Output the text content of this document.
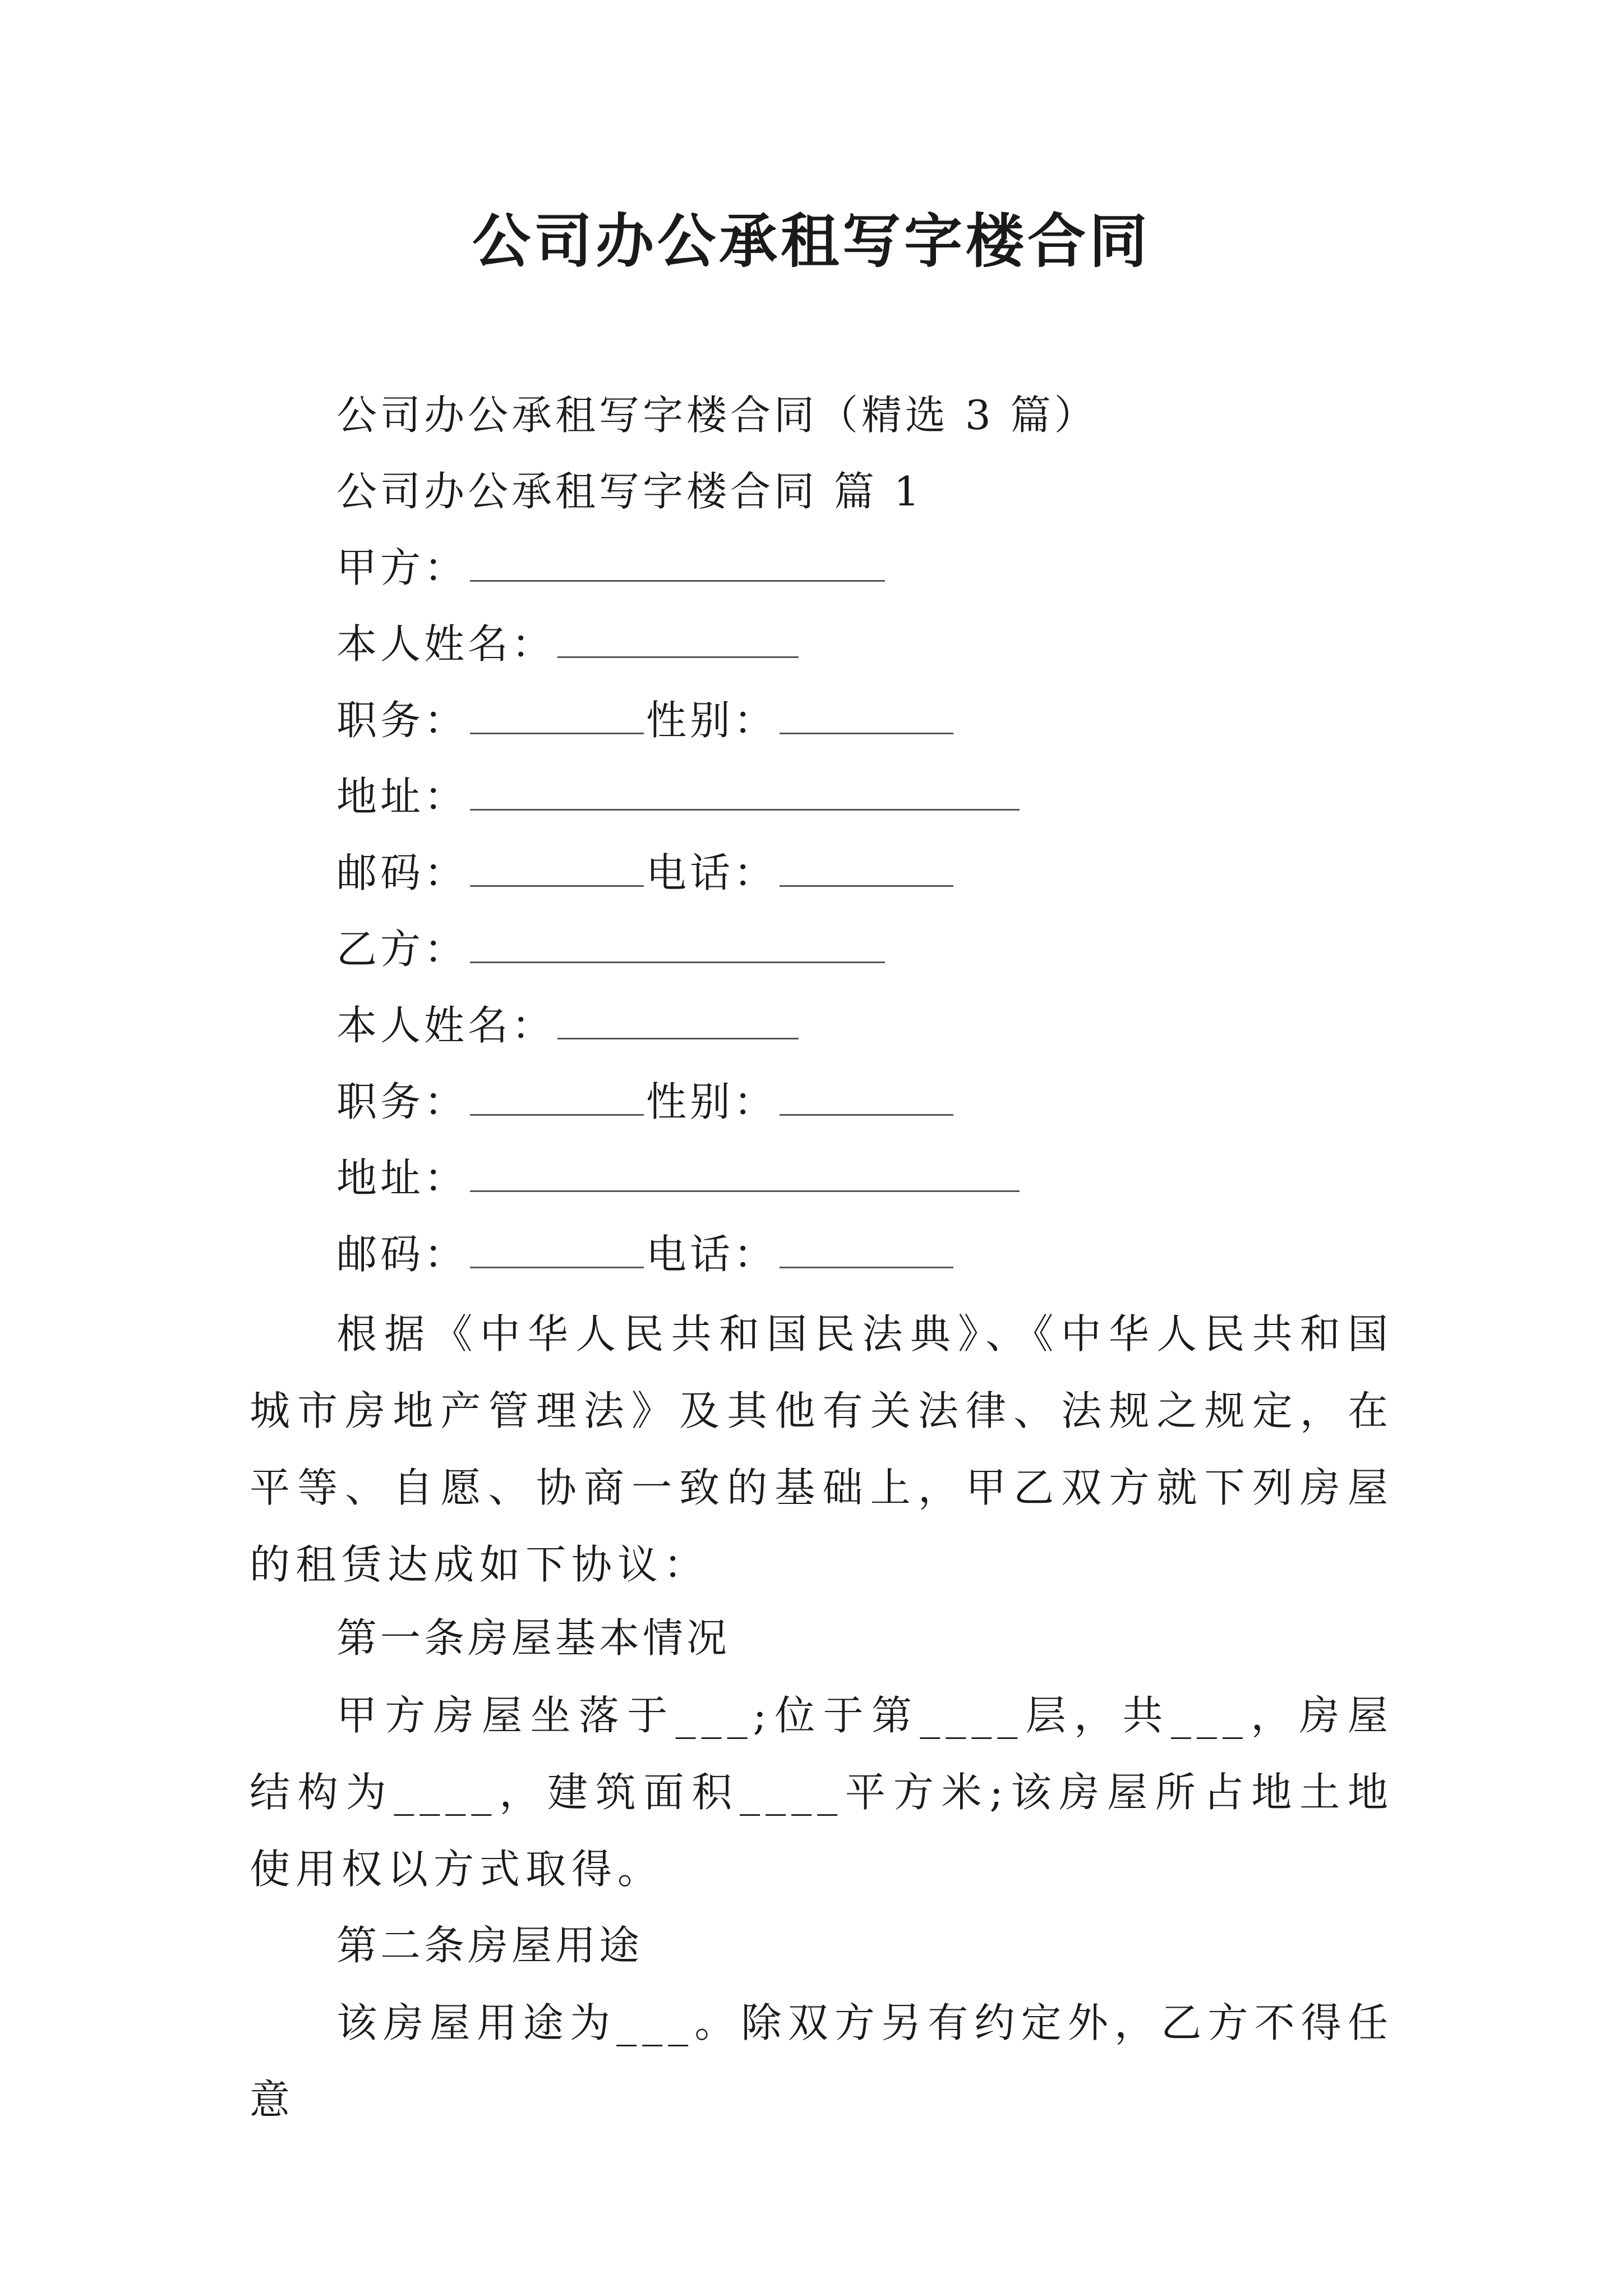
公司办公承租写字楼合同
公司办公承租写字楼合同（精选 3 篇）
公司办公承租写字楼合同 篇 1
甲方：
本人姓名：
职务：	性别：
地址：
邮码：	电话：
乙方：
本人姓名：
职务：	性别：
地址：
邮码：	电话：

根据《中华人民共和国民法典》、《中华人民共和国城市房地产管理法》及其他有关法律、法规之规定，在平等、自愿、协商一致的基础上，甲乙双方就下列房屋的租赁达成如下协议：

第一条房屋基本情况

甲方房屋坐落于___;位于第____层，共___，房屋结构为____，建筑面积____平方米;该房屋所占地土地使用权以方式取得。

第二条房屋用途

该房屋用途为___。除双方另有约定外，乙方不得任意
